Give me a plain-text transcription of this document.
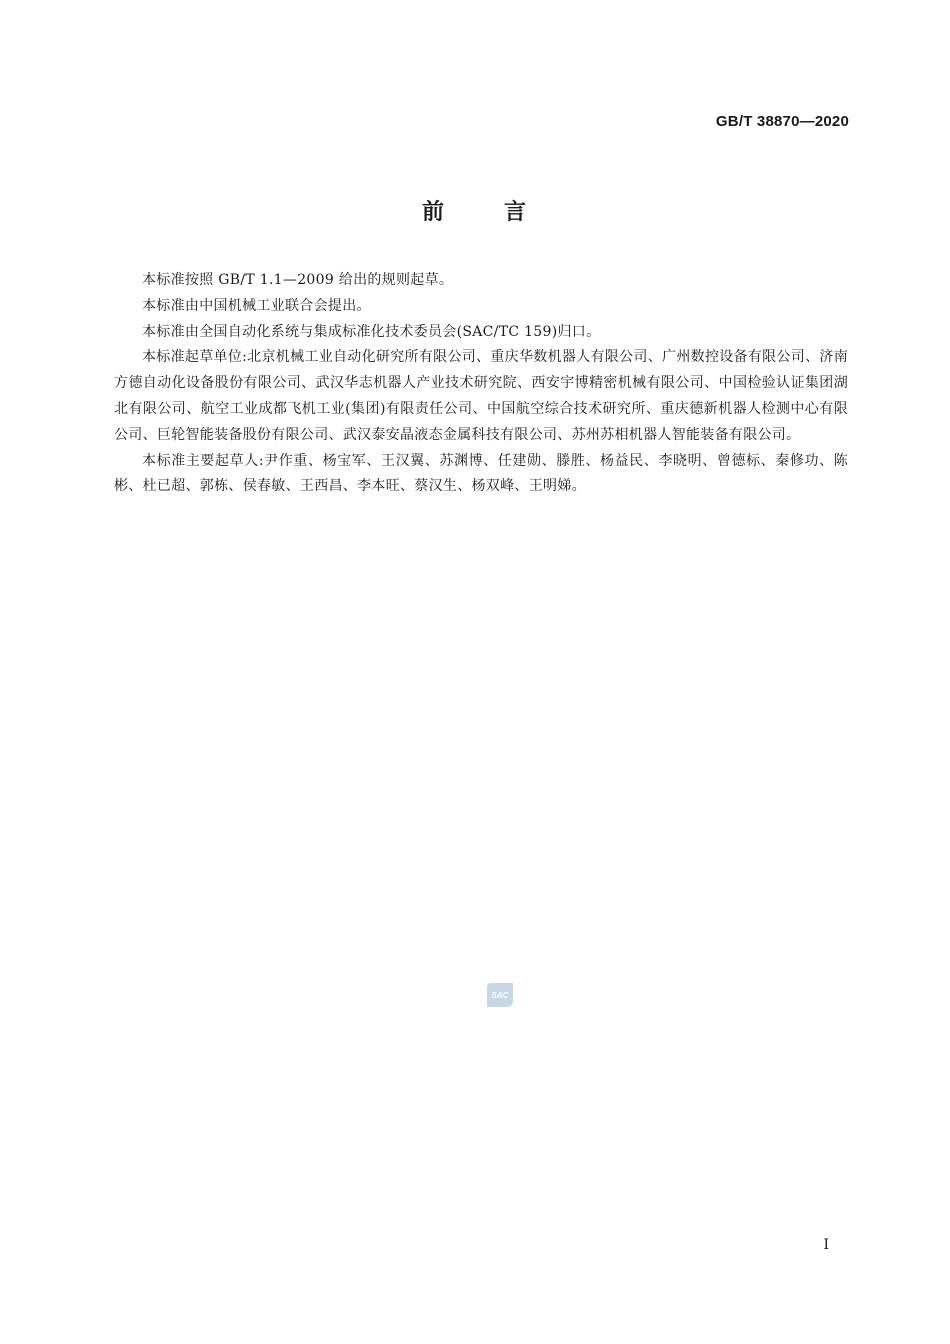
GB/T 38870—2020
前	言

本标准按照 GB/T 1.1—2009 给出的规则起草。

本标准由中国机械工业联合会提出。

本标准由全国自动化系统与集成标准化技术委员会(SAC/TC 159)归口。

本标准起草单位:北京机械工业自动化研究所有限公司、重庆华数机器人有限公司、广州数控设备有限公司、济南方德自动化设备股份有限公司、武汉华志机器人产业技术研究院、西安宇博精密机械有限公司、中国检验认证集团湖北有限公司、航空工业成都飞机工业(集团)有限责任公司、中国航空综合技术研究所、重庆德新机器人检测中心有限公司、巨轮智能装备股份有限公司、武汉泰安晶液态金属科技有限公司、苏州苏相机器人智能装备有限公司。

本标准主要起草人:尹作重、杨宝军、王汉翼、苏渊博、任建勋、滕胜、杨益民、李晓明、曾德标、秦修功、陈彬、杜已超、郭栋、侯春敏、王西昌、李本旺、蔡汉生、杨双峰、王明娣。

SAC
I
